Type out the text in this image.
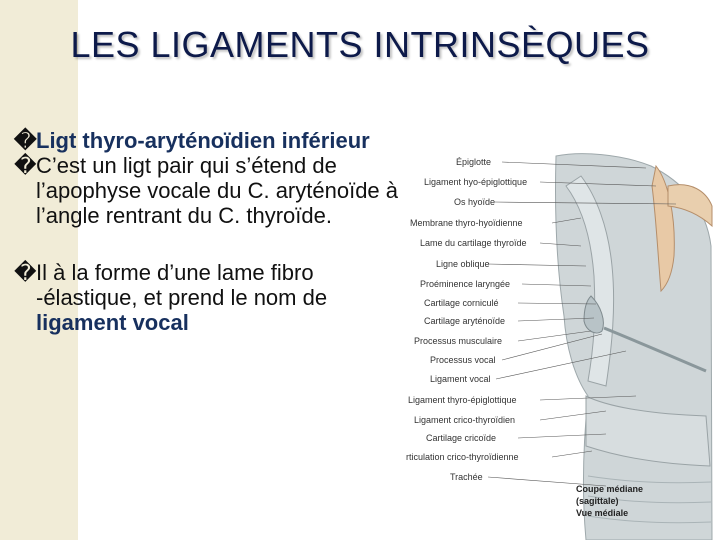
LES LIGAMENTS INTRINSÈQUES
� Ligt thyro-aryténoïdien inférieur
� C’est un ligt pair qui s’étend de l’apophyse vocale du C. aryténoïde à l’angle rentrant du C. thyroïde.
� Il à la forme d’une lame fibro -élastique, et prend le nom de ligament vocal
Épiglotte
Ligament hyo-épiglottique
Os hyoïde
Membrane thyro-hyoïdienne
Lame du cartilage thyroïde
Ligne oblique
Proéminence laryngée
Cartilage corniculé
Cartilage aryténoïde
Processus musculaire
Processus vocal
Ligament vocal
Ligament thyro-épiglottique
Ligament crico-thyroïdien
Cartilage cricoïde
rticulation crico-thyroïdienne
Trachée
Coupe médiane
(sagittale)
Vue médiale
